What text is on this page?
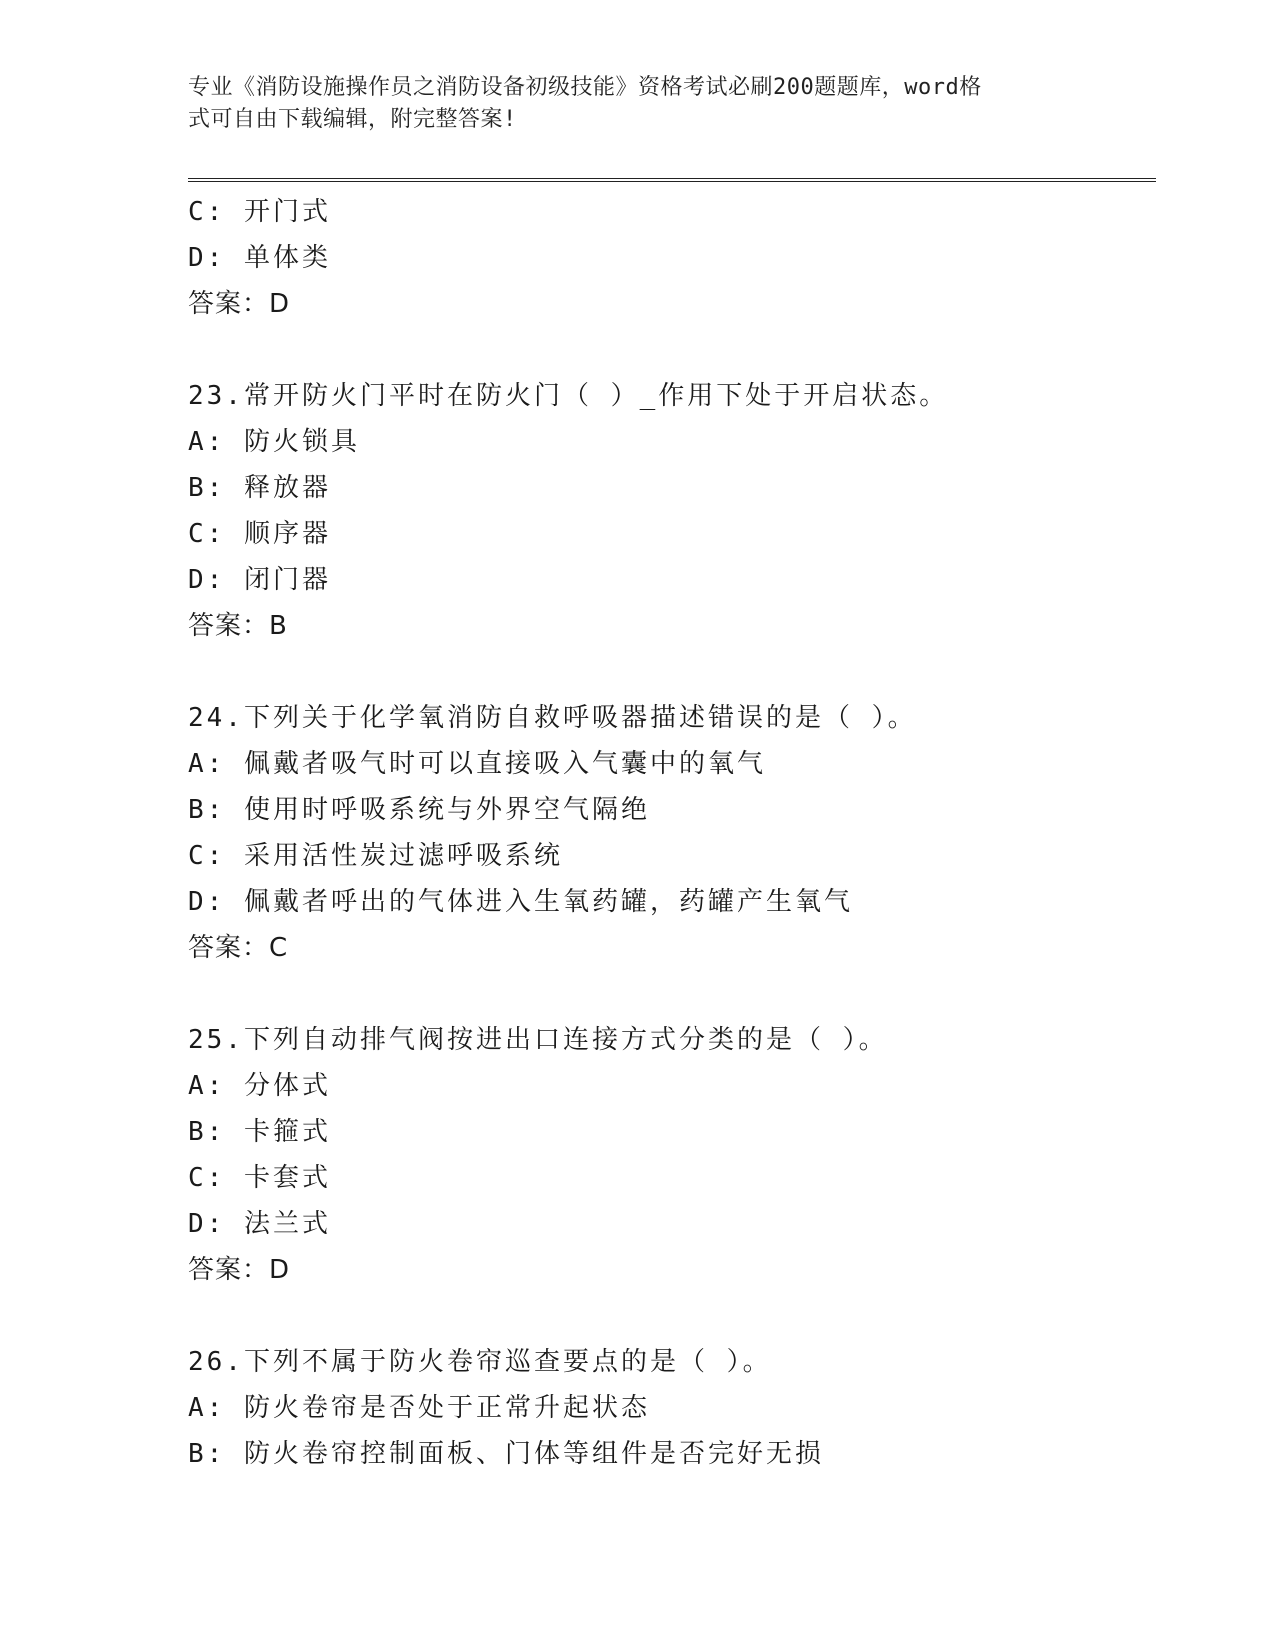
专业《消防设施操作员之消防设备初级技能》资格考试必刷200题题库，word格
式可自由下载编辑，附完整答案!
C: 开门式
D: 单体类
答案：D
23.常开防火门平时在防火门（ ）_作用下处于开启状态。
A: 防火锁具
B: 释放器
C: 顺序器
D: 闭门器
答案：B
24.下列关于化学氧消防自救呼吸器描述错误的是（ ）。
A: 佩戴者吸气时可以直接吸入气囊中的氧气
B: 使用时呼吸系统与外界空气隔绝
C: 采用活性炭过滤呼吸系统
D: 佩戴者呼出的气体进入生氧药罐，药罐产生氧气
答案：C
25.下列自动排气阀按进出口连接方式分类的是（ ）。
A: 分体式
B: 卡箍式
C: 卡套式
D: 法兰式
答案：D
26.下列不属于防火卷帘巡查要点的是（ ）。
A: 防火卷帘是否处于正常升起状态
B: 防火卷帘控制面板、门体等组件是否完好无损
